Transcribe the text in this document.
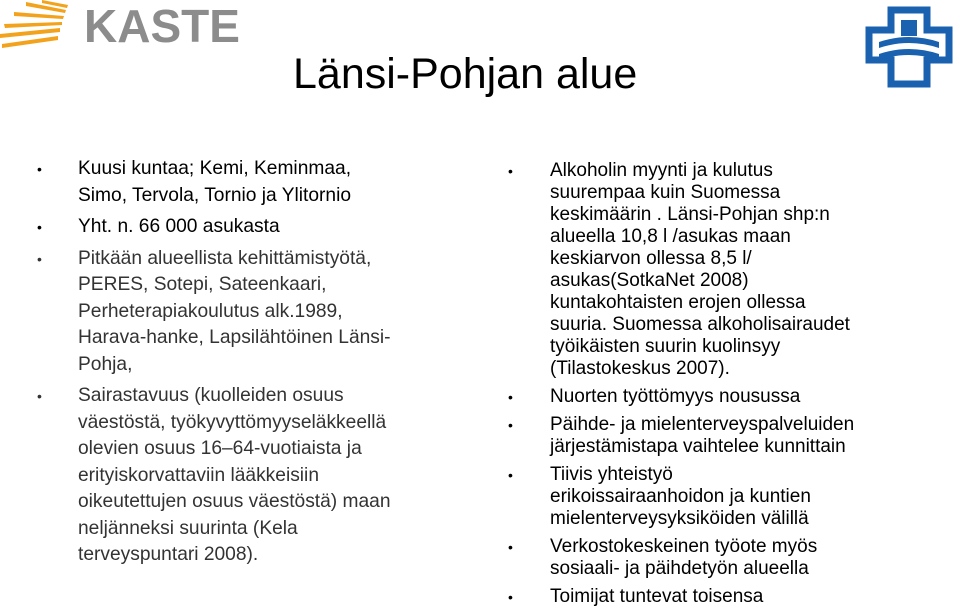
KASTE
Länsi-Pohjan alue
• Kuusi kuntaa; Kemi, Keminmaa,
Simo, Tervola, Tornio ja Ylitornio
• Yht. n. 66 000 asukasta
• Pitkään alueellista kehittämistyötä,
PERES, Sotepi, Sateenkaari,
Perheterapiakoulutus alk.1989,
Harava-hanke, Lapsilähtöinen Länsi-
Pohja,
• Sairastavuus (kuolleiden osuus
väestöstä, työkyvyttömyyseläkkeellä
olevien osuus 16–64-vuotiaista ja
erityiskorvattaviin lääkkeisiin
oikeutettujen osuus väestöstä) maan
neljänneksi suurinta (Kela
terveyspuntari 2008).
• Alkoholin myynti ja kulutus
suurempaa kuin Suomessa
keskimäärin . Länsi-Pohjan shp:n
alueella 10,8 l /asukas maan
keskiarvon ollessa 8,5 l/
asukas(SotkaNet 2008)
kuntakohtaisten erojen ollessa
suuria. Suomessa alkoholisairaudet
työikäisten suurin kuolinsyy
(Tilastokeskus 2007).
• Nuorten työttömyys nousussa
• Päihde- ja mielenterveyspalveluiden
järjestämistapa vaihtelee kunnittain
• Tiivis yhteistyö
erikoissairaanhoidon ja kuntien
mielenterveysyksiköiden välillä
• Verkostokeskeinen työote myös
sosiaali- ja päihdetyön alueella
• Toimijat tuntevat toisensa
